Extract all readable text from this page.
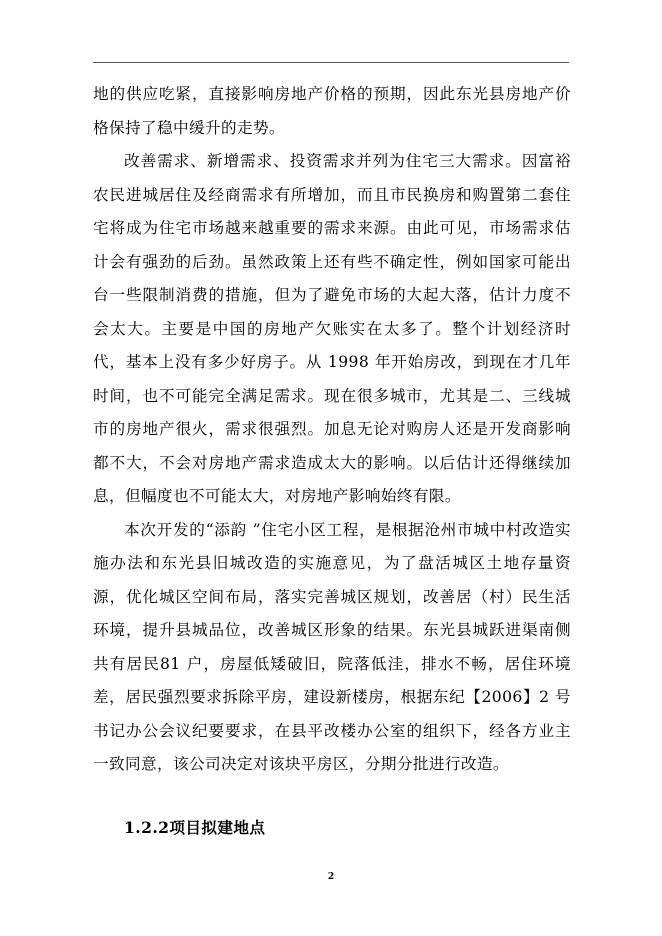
地的供应吃紧，直接影响房地产价格的预期，因此东光县房地产价格保持了稳中缓升的走势。

改善需求、新增需求、投资需求并列为住宅三大需求。因富裕农民进城居住及经商需求有所增加，而且市民换房和购置第二套住宅将成为住宅市场越来越重要的需求来源。由此可见，市场需求估计会有强劲的后劲。虽然政策上还有些不确定性，例如国家可能出台一些限制消费的措施，但为了避免市场的大起大落，估计力度不会太大。主要是中国的房地产欠账实在太多了。整个计划经济时代，基本上没有多少好房子。从 1998 年开始房改，到现在才几年时间，也不可能完全满足需求。现在很多城市，尤其是二、三线城市的房地产很火，需求很强烈。加息无论对购房人还是开发商影响都不大，不会对房地产需求造成太大的影响。以后估计还得继续加息，但幅度也不可能太大，对房地产影响始终有限。

本次开发的“添韵 ”住宅小区工程，是根据沧州市城中村改造实施办法和东光县旧城改造的实施意见，为了盘活城区土地存量资源，优化城区空间布局，落实完善城区规划，改善居（村）民生活环境，提升县城品位，改善城区形象的结果。东光县城跃进渠南侧共有居民81 户，房屋低矮破旧，院落低洼，排水不畅，居住环境差，居民强烈要求拆除平房，建设新楼房，根据东纪【2006】2 号书记办公会议纪要要求，在县平改楼办公室的组织下，经各方业主一致同意，该公司决定对该块平房区，分期分批进行改造。

1.2.2项目拟建地点
2
